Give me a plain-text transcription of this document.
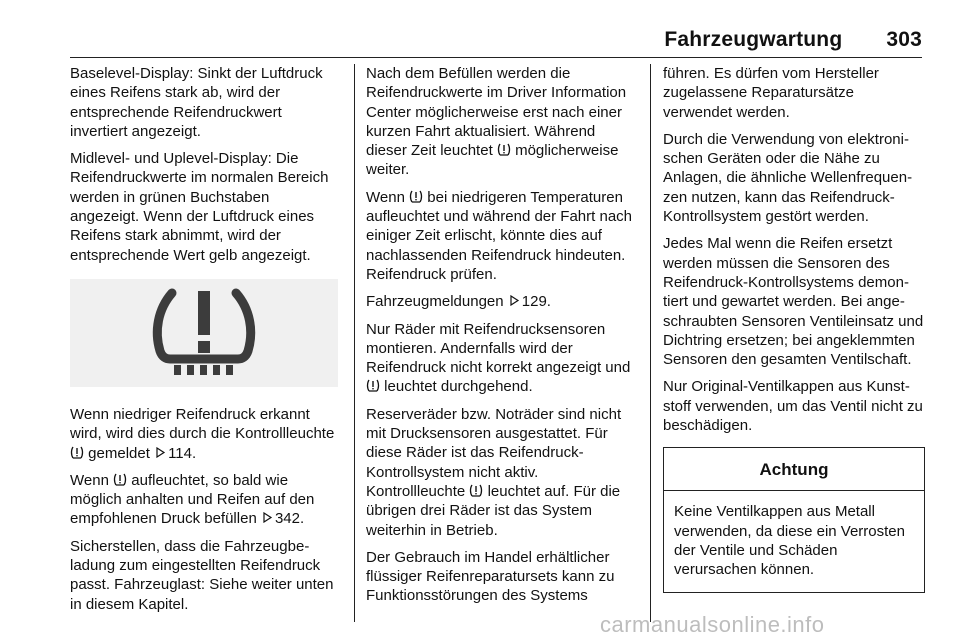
Fahrzeugwartung 303

Baselevel-Display: Sinkt der Luftdruck eines Reifens stark ab, wird der entsprechende Reifendruckwert invertiert angezeigt.

Midlevel- und Uplevel-Display: Die Reifendruckwerte im normalen Bereich werden in grünen Buchstaben angezeigt. Wenn der Luftdruck eines Reifens stark abnimmt, wird der entsprechende Wert gelb angezeigt.

Wenn niedriger Reifendruck erkannt wird, wird dies durch die Kontrollleuchte  gemeldet 114.

Wenn aufleuchtet, so bald wie möglich anhalten und Reifen auf den empfohlenen Druck befüllen 342.

Sicherstellen, dass die Fahrzeugbeladung zum eingestellten Reifendruck passt. Fahrzeuglast: Siehe weiter unten in diesem Kapitel.

Nach dem Befüllen werden die Reifendruckwerte im Driver Information Center möglicherweise erst nach einer kurzen Fahrt aktualisiert. Während dieser Zeit leuchtet möglicherweise weiter.

Wenn bei niedrigeren Temperaturen aufleuchtet und während der Fahrt nach einiger Zeit erlischt, könnte dies auf nachlassenden Reifendruck hindeuten. Reifendruck prüfen.

Fahrzeugmeldungen 129.

Nur Räder mit Reifendrucksensoren montieren. Andernfalls wird der Reifendruck nicht korrekt angezeigt und  leuchtet durchgehend.

Reserveräder bzw. Noträder sind nicht mit Drucksensoren ausgestattet. Für diese Räder ist das Reifendruck-Kontrollsystem nicht aktiv. Kontrollleuchte leuchtet auf. Für die übrigen drei Räder ist das System weiterhin in Betrieb.

Der Gebrauch im Handel erhältlicher flüssiger Reifenreparatursets kann zu Funktionsstörungen des Systems

führen. Es dürfen vom Hersteller zugelassene Reparatursätze verwendet werden.

Durch die Verwendung von elektronischen Geräten oder die Nähe zu Anlagen, die ähnliche Wellenfrequenzen nutzen, kann das Reifendruck-Kontrollsystem gestört werden.

Jedes Mal wenn die Reifen ersetzt werden müssen die Sensoren des Reifendruck-Kontrollsystems demontiert und gewartet werden. Bei angeschraubten Sensoren Ventileinsatz und Dichtring ersetzen; bei angeklemmten Sensoren den gesamten Ventilschaft.

Nur Original-Ventilkappen aus Kunststoff verwenden, um das Ventil nicht zu beschädigen.

Achtung
Keine Ventilkappen aus Metall verwenden, da diese ein Verrosten der Ventile und Schäden verursachen können.
carmanualsonline.info
